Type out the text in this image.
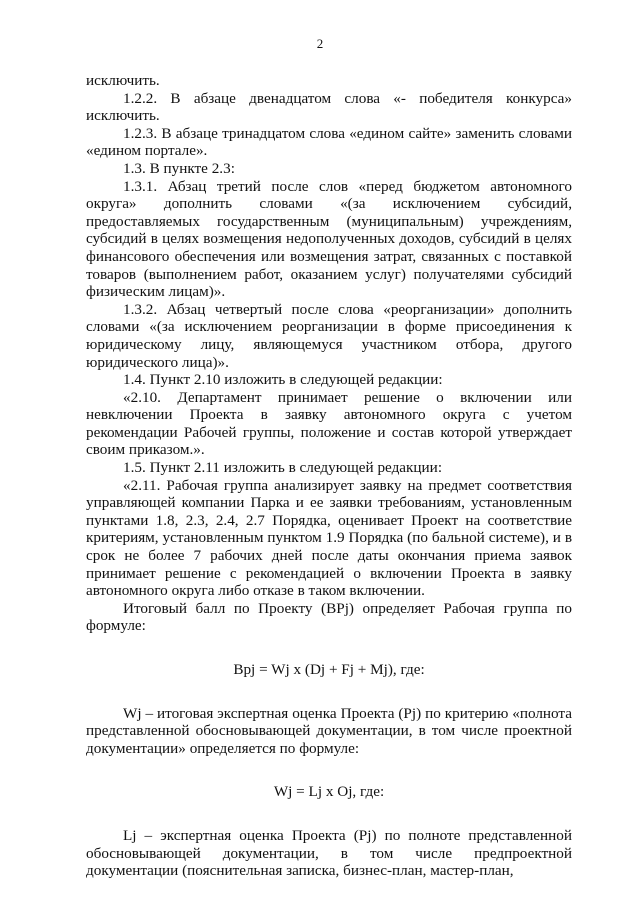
2

исключить.

1.2.2. В абзаце двенадцатом слова «- победителя конкурса» исключить.

1.2.3. В абзаце тринадцатом слова «едином сайте» заменить словами «едином портале».

1.3. В пункте 2.3:

1.3.1. Абзац третий после слов «перед бюджетом автономного округа» дополнить словами «(за исключением субсидий, предоставляемых государственным (муниципальным) учреждениям, субсидий в целях возмещения недополученных доходов, субсидий в целях финансового обеспечения или возмещения затрат, связанных с поставкой товаров (выполнением работ, оказанием услуг) получателями субсидий физическим лицам)».

1.3.2. Абзац четвертый после слова «реорганизации» дополнить словами «(за исключением реорганизации в форме присоединения к юридическому лицу, являющемуся участником отбора, другого юридического лица)».

1.4. Пункт 2.10 изложить в следующей редакции:

«2.10. Департамент принимает решение о включении или невключении Проекта в заявку автономного округа с учетом рекомендации Рабочей группы, положение и состав которой утверждает своим приказом.».

1.5. Пункт 2.11 изложить в следующей редакции:

«2.11. Рабочая группа анализирует заявку на предмет соответствия управляющей компании Парка и ее заявки требованиям, установленным пунктами 1.8, 2.3, 2.4, 2.7 Порядка, оценивает Проект на соответствие критериям, установленным пунктом 1.9 Порядка (по бальной системе), и в срок не более 7 рабочих дней после даты окончания приема заявок принимает решение с рекомендацией о включении Проекта в заявку автономного округа либо отказе в таком включении.

Итоговый балл по Проекту (BPj) определяет Рабочая группа по формуле:

Bpj = Wj x (Dj + Fj + Mj), где:

Wj – итоговая экспертная оценка Проекта (Pj) по критерию «полнота представленной обосновывающей документации, в том числе проектной документации» определяется по формуле:

Wj = Lj x Oj, где:

Lj – экспертная оценка Проекта (Pj) по полноте представленной обосновывающей документации, в том числе предпроектной документации (пояснительная записка, бизнес-план, мастер-план,
